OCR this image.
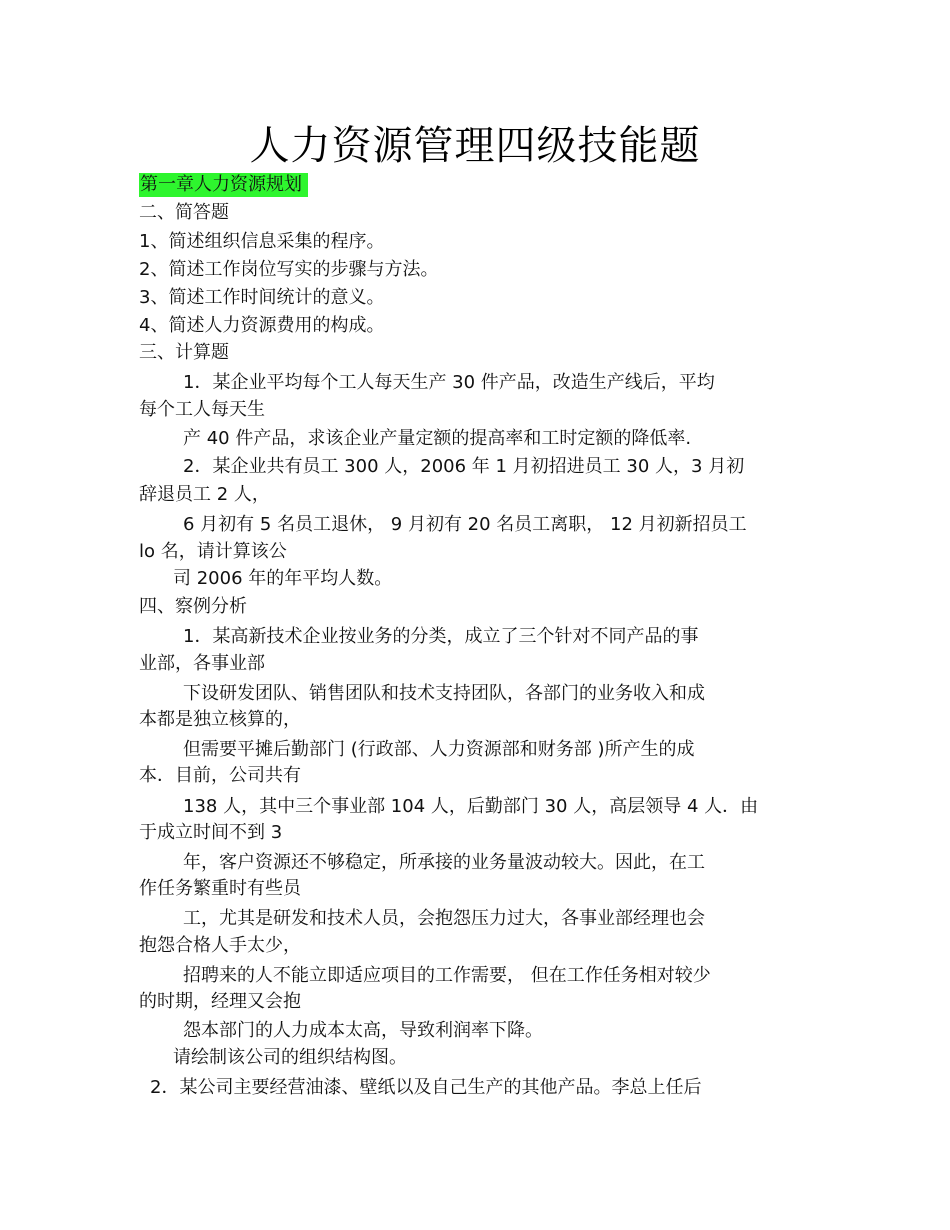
人力资源管理四级技能题
第一章人力资源规划
二、简答题
1、简述组织信息采集的程序。
2、简述工作岗位写实的步骤与方法。
3、简述工作时间统计的意义。
4、简述人力资源费用的构成。
三、计算题
1．某企业平均每个工人每天生产 30 件产品，改造生产线后，平均
每个工人每天生
产 40 件产品，求该企业产量定额的提高率和工时定额的降低率.
2．某企业共有员工 300 人，2006 年 1 月初招进员工 30 人，3 月初
辞退员工 2 人，
6 月初有 5 名员工退休， 9 月初有 20 名员工离职， 12 月初新招员工
lo 名，请计算该公
司 2006 年的年平均人数。
四、察例分析
1．某高新技术企业按业务的分类，成立了三个针对不同产品的事
业部，各事业部
下设研发团队、销售团队和技术支持团队，各部门的业务收入和成
本都是独立核算的，
但需要平摊后勤部门 (行政部、人力资源部和财务部 )所产生的成
本．目前，公司共有
138 人，其中三个事业部 104 人，后勤部门 30 人，高层领导 4 人．由
于成立时间不到 3
年，客户资源还不够稳定，所承接的业务量波动较大。因此，在工
作任务繁重时有些员
工，尤其是研发和技术人员，会抱怨压力过大，各事业部经理也会
抱怨合格人手太少，
招聘来的人不能立即适应项目的工作需要， 但在工作任务相对较少
的时期，经理又会抱
怨本部门的人力成本太高，导致利润率下降。
请绘制该公司的组织结构图。
2．某公司主要经营油漆、壁纸以及自己生产的其他产品。李总上任后
